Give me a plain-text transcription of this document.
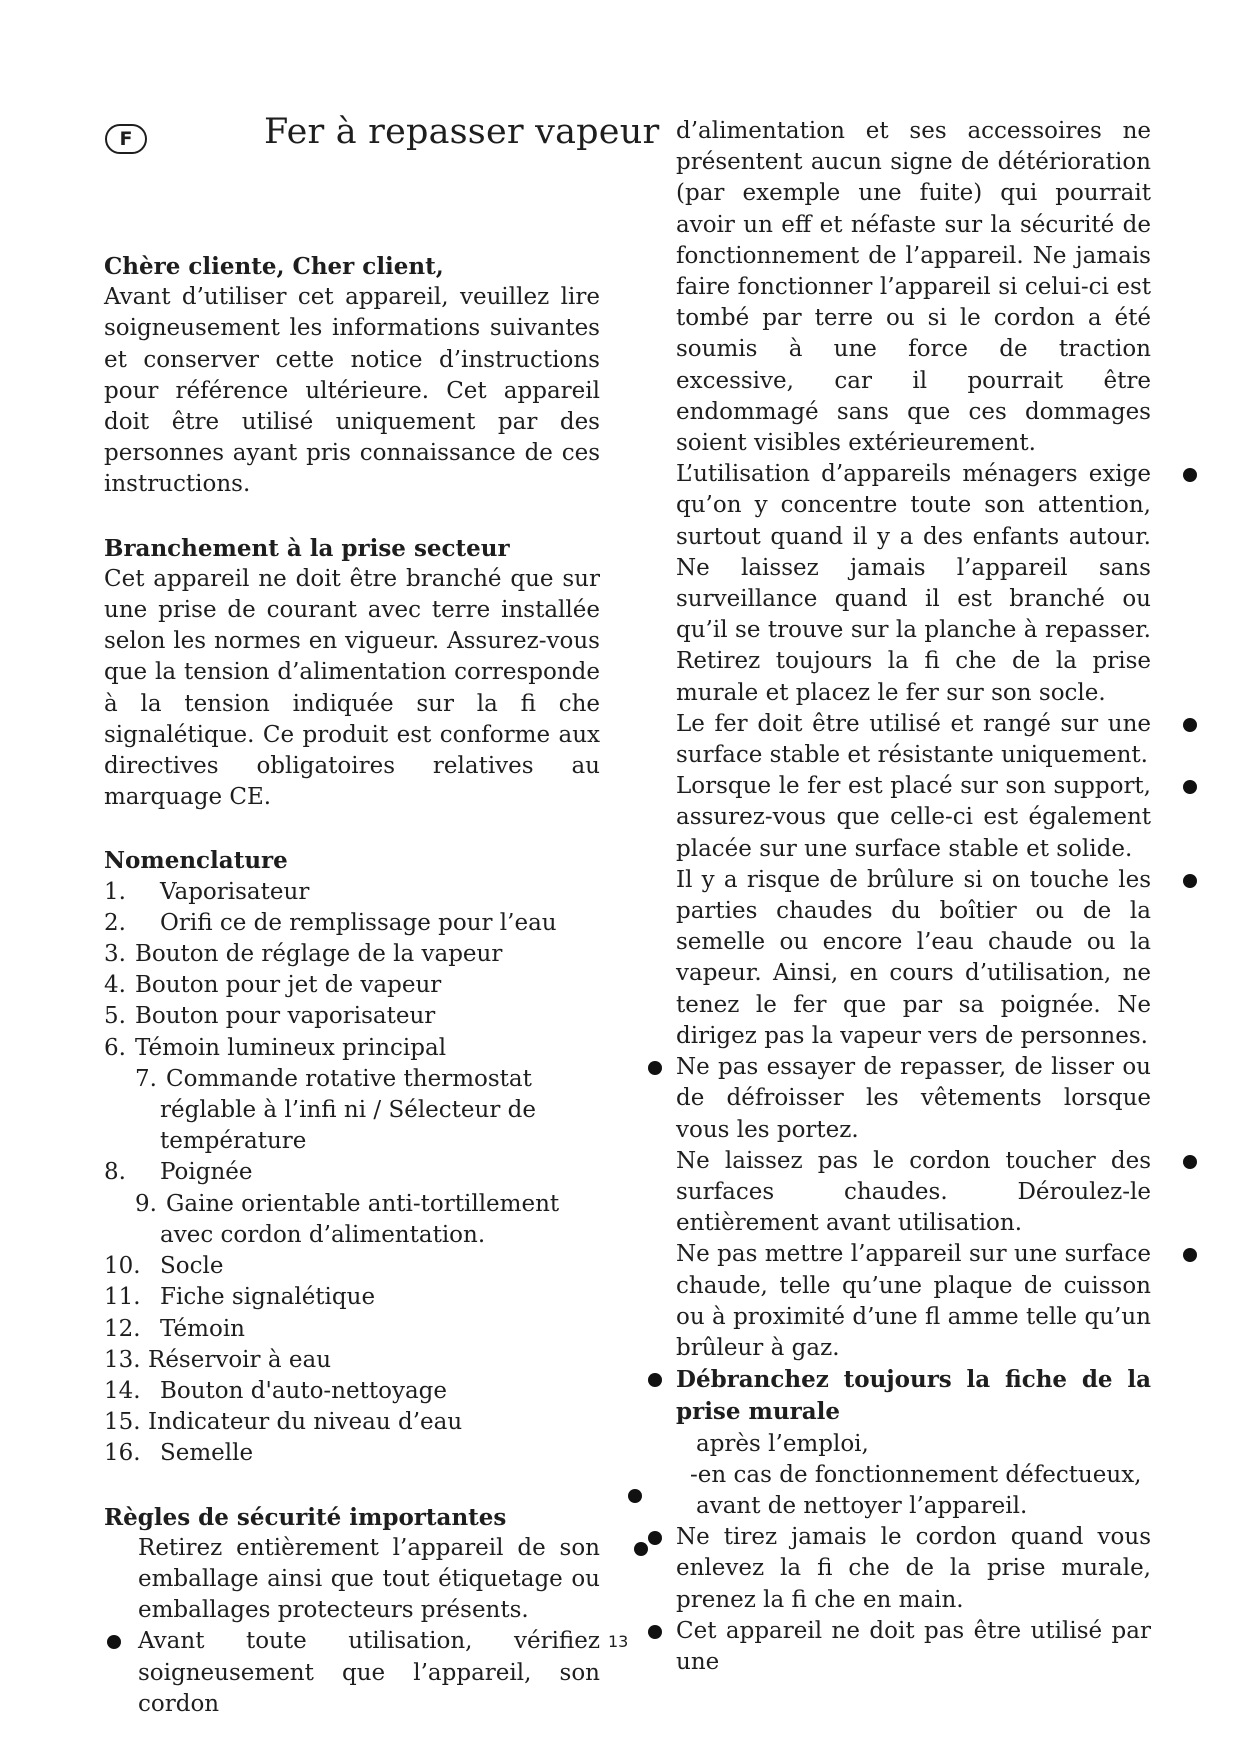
F	Fer à repasser vapeur

Chère cliente, Cher client,

Avant d’utiliser cet appareil, veuillez lire soigneusement les informations suivantes et conserver cette notice d’instructions pour référence ultérieure. Cet appareil doit être utilisé uniquement par des personnes ayant pris connaissance de ces instructions.

Branchement à la prise secteur

Cet appareil ne doit être branché que sur une prise de courant avec terre installée selon les normes en vigueur. Assurez-vous que la tension d’alimentation corresponde à la tension indiquée sur la fi che signalétique. Ce produit est conforme aux directives obligatoires relatives au marquage CE.

Nomenclature

1. Vaporisateur
2. Orifi ce de remplissage pour l’eau
3. Bouton de réglage de la vapeur
4. Bouton pour jet de vapeur
5. Bouton pour vaporisateur
6. Témoin lumineux principal
7. Commande rotative thermostat réglable à l’infi ni / Sélecteur de température
8. Poignée
9. Gaine orientable anti-tortillement avec cordon d’alimentation.
10. Socle
11. Fiche signalétique
12. Témoin
13. Réservoir à eau
14. Bouton d'auto-nettoyage
15. Indicateur du niveau d’eau
16. Semelle

Règles de sécurité importantes

Retirez entièrement l’appareil de son emballage ainsi que tout étiquetage ou emballages protecteurs présents.
Avant toute utilisation, vérifiez soigneusement que l’appareil, son cordon
d’alimentation et ses accessoires ne présentent aucun signe de détérioration (par exemple une fuite) qui pourrait avoir un eff et néfaste sur la sécurité de fonctionnement de l’appareil. Ne jamais faire fonctionner l’appareil si celui-ci est tombé par terre ou si le cordon a été soumis à une force de traction excessive, car il pourrait être endommagé sans que ces dommages soient visibles extérieurement.
L’utilisation d’appareils ménagers exige qu’on y concentre toute son attention, surtout quand il y a des enfants autour. Ne laissez jamais l’appareil sans surveillance quand il est branché ou qu’il se trouve sur la planche à repasser. Retirez toujours la fi che de la prise murale et placez le fer sur son socle.
Le fer doit être utilisé et rangé sur une surface stable et résistante uniquement.
Lorsque le fer est placé sur son support, assurez-vous que celle-ci est également placée sur une surface stable et solide.
Il y a risque de brûlure si on touche les parties chaudes du boîtier ou de la semelle ou encore l’eau chaude ou la vapeur. Ainsi, en cours d’utilisation, ne tenez le fer que par sa poignée. Ne dirigez pas la vapeur vers de personnes.
Ne pas essayer de repasser, de lisser ou de défroisser les vêtements lorsque vous les portez.
Ne laissez pas le cordon toucher des surfaces chaudes. Déroulez-le entièrement avant utilisation.
Ne pas mettre l’appareil sur une surface chaude, telle qu’une plaque de cuisson ou à proximité d’une fl amme telle qu’un brûleur à gaz.
Débranchez toujours la fiche de la prise murale
après l’emploi,
-en cas de fonctionnement défectueux,
avant de nettoyer l’appareil.
Ne tirez jamais le cordon quand vous enlevez la fi che de la prise murale, prenez la fi che en main.
Cet appareil ne doit pas être utilisé par une
13
